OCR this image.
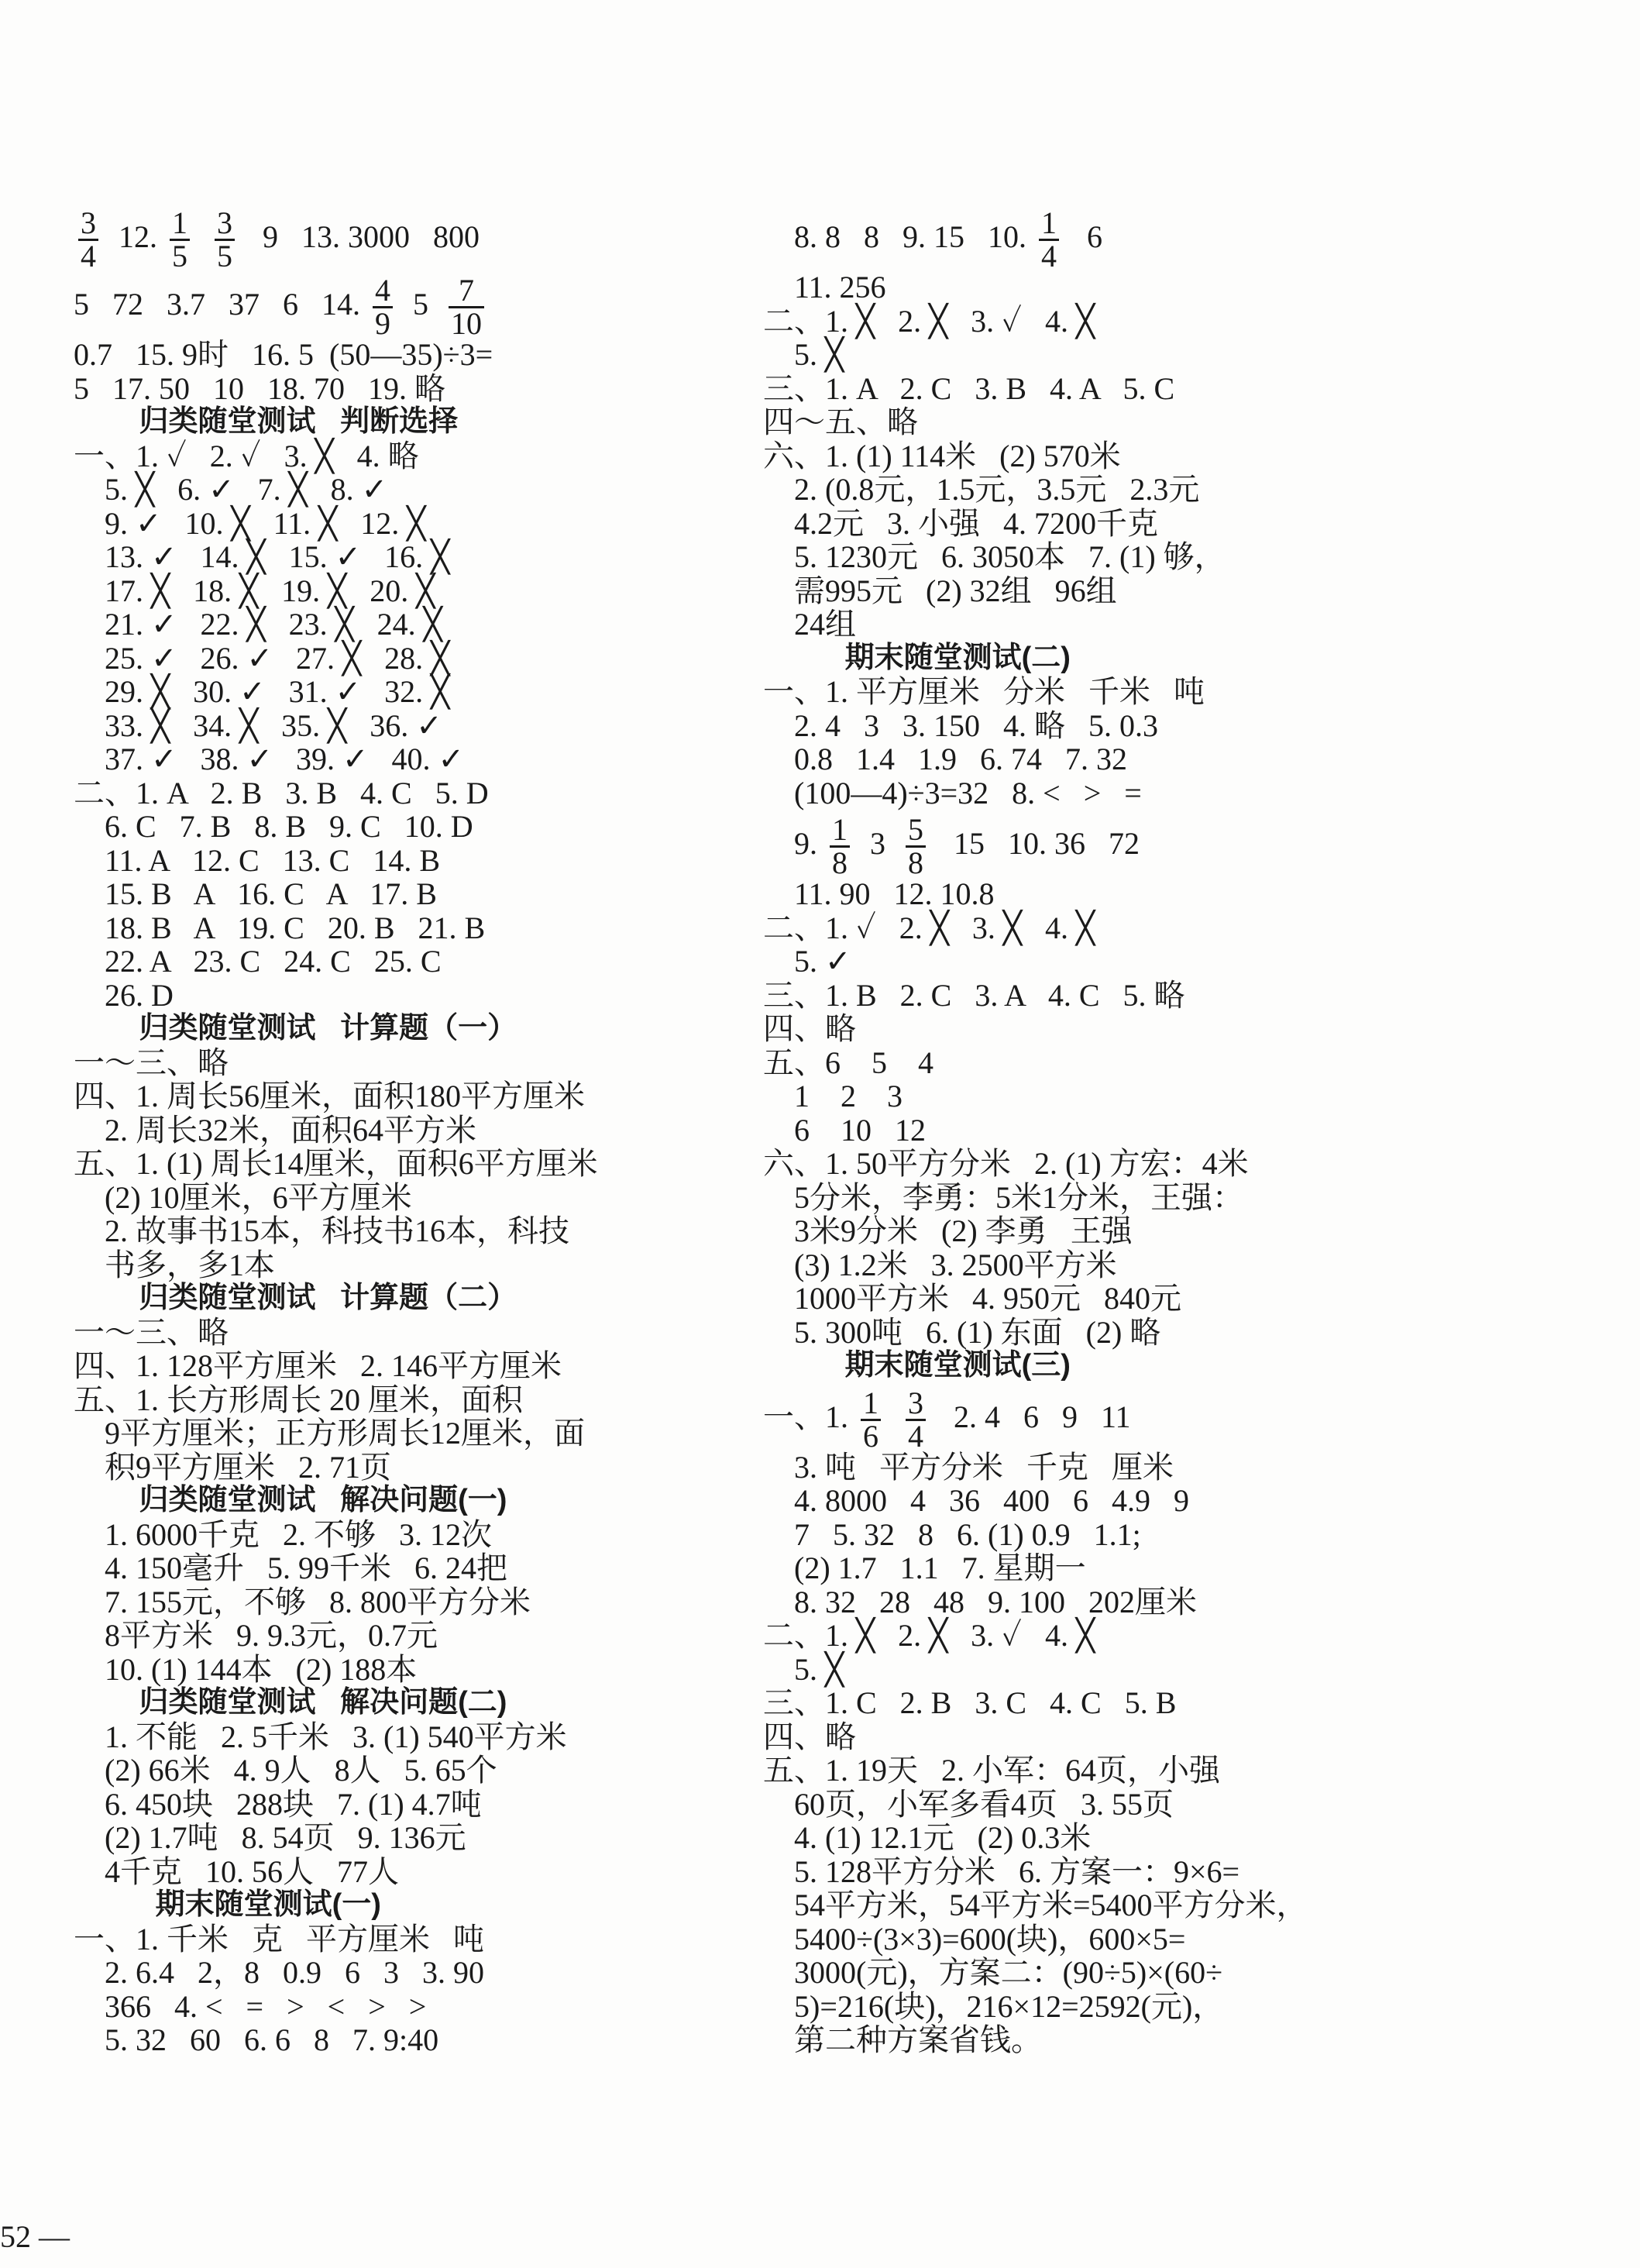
$\frac{3}{4} 12$. $\frac{1}{5}$
$\frac{3}{5} 9$   13. 3000   800
5   72   3.7   37   6   14. $\frac{4}{9} 5 \frac{7}{10}$
0.7   15. 9时   16. 5  (50—35)÷3=
5   17. 50   10   18. 70   19. 略
归类随堂测试   判断选择
一、1. ✓   2. ✓   3. ╳   4. 略
5. ╳   6. ✓   7. ╳   8. ✓
9. ✓   10. ╳   11. ╳   12. ╳
13. ✓   14. ╳   15. ✓   16. ╳
17. ╳   18. ╳   19. ╳   20. ╳
21. ✓   22. ╳   23. ╳   24. ╳
25. ✓   26. ✓   27. ╳   28. ╳
29. ╳   30. ✓   31. ✓   32. ╳
33. ╳   34. ╳   35. ╳   36. ✓
37. ✓   38. ✓   39. ✓   40. ✓
二、1. A   2. B   3. B   4. C   5. D
6. C   7. B   8. B   9. C   10. D
11. A   12. C   13. C   14. B
15. B   A   16. C   A   17. B
18. B   A   19. C   20. B   21. B
22. A   23. C   24. C   25. C
26. D
归类随堂测试   计算题（一）
一～三、略
四、1. 周长56厘米，面积180平方厘米
2. 周长32米，面积64平方米
五、1. (1) 周长14厘米，面积6平方厘米
(2) 10厘米，6平方厘米
2. 故事书15本，科技书16本，科技
书多，多1本
归类随堂测试   计算题（二）
一～三、略
四、1. 128平方厘米   2. 146平方厘米
五、1. 长方形周长 20 厘米，面积
9平方厘米；正方形周长12厘米，面
积9平方厘米   2. 71页
归类随堂测试   解决问题(一)
1. 6000千克   2. 不够   3. 12次
4. 150毫升   5. 99千米   6. 24把
7. 155元，不够   8. 800平方分米
8平方米   9. 9.3元，0.7元
10. (1) 144本   (2) 188本
归类随堂测试   解决问题(二)
1. 不能   2. 5千米   3. (1) 540平方米
(2) 66米   4. 9人   8人   5. 65个
6. 450块   288块   7. (1) 4.7吨
(2) 1.7吨   8. 54页   9. 136元
4千克   10. 56人   77人
期末随堂测试(一)
一、1. 千米   克   平方厘米   吨
2. 6.4   2，8   0.9   6   3   3. 90
366   4. <   =   >   <   >   >
5. 32   60   6. 6   8   7. 9:40
8. 8   8   9. 15   10. $\frac{1}{4} 6$
11. 256
二、1. ╳   2. ╳   3. ✓   4. ╳
5. ╳
三、1. A   2. C   3. B   4. A   5. C
四～五、略
六、1. (1) 114米   (2) 570米
2. (0.8元，1.5元，3.5元   2.3元
4.2元   3. 小强   4. 7200千克
5. 1230元   6. 3050本   7. (1) 够，
需995元   (2) 32组   96组
24组
期末随堂测试(二)
一、1. 平方厘米   分米   千米   吨
2. 4   3   3. 150   4. 略   5. 0.3
0.8   1.4   1.9   6. 74   7. 32
(100—4)÷3=32   8. <   >   =
9. $\frac{1}{8} 3 \frac{5}{8} 15$   10. 36   72
11. 90   12. 10.8
二、1. ✓   2. ╳   3. ╳   4. ╳
5. ✓
三、1. B   2. C   3. A   4. C   5. 略
四、略
五、6    5    4
1    2    3
6    10   12
六、1. 50平方分米   2. (1) 方宏：4米
5分米，李勇：5米1分米，王强：
3米9分米   (2) 李勇   王强
(3) 1.2米   3. 2500平方米
1000平方米   4. 950元   840元
5. 300吨   6. (1) 东面   (2) 略
期末随堂测试(三)
一、1. $\frac{1}{6}$
$\frac{3}{4} 2$. 4   6   9   11
3. 吨   平方分米   千克   厘米
4. 8000   4   36   400   6   4.9   9
7   5. 32   8   6. (1) 0.9   1.1;
(2) 1.7   1.1   7. 星期一
8. 32   28   48   9. 100   202厘米
二、1. ╳   2. ╳   3. ✓   4. ╳
5. ╳
三、1. C   2. B   3. C   4. C   5. B
四、略
五、1. 19天   2. 小军：64页，小强
60页，小军多看4页   3. 55页
4. (1) 12.1元   (2) 0.3米
5. 128平方分米   6. 方案一：9×6=
54平方米，54平方米=5400平方分米，
5400÷(3×3)=600(块)，600×5=
3000(元)，方案二：(90÷5)×(60÷
5)=216(块)，216×12=2592(元)，
第二种方案省钱。
52 —
